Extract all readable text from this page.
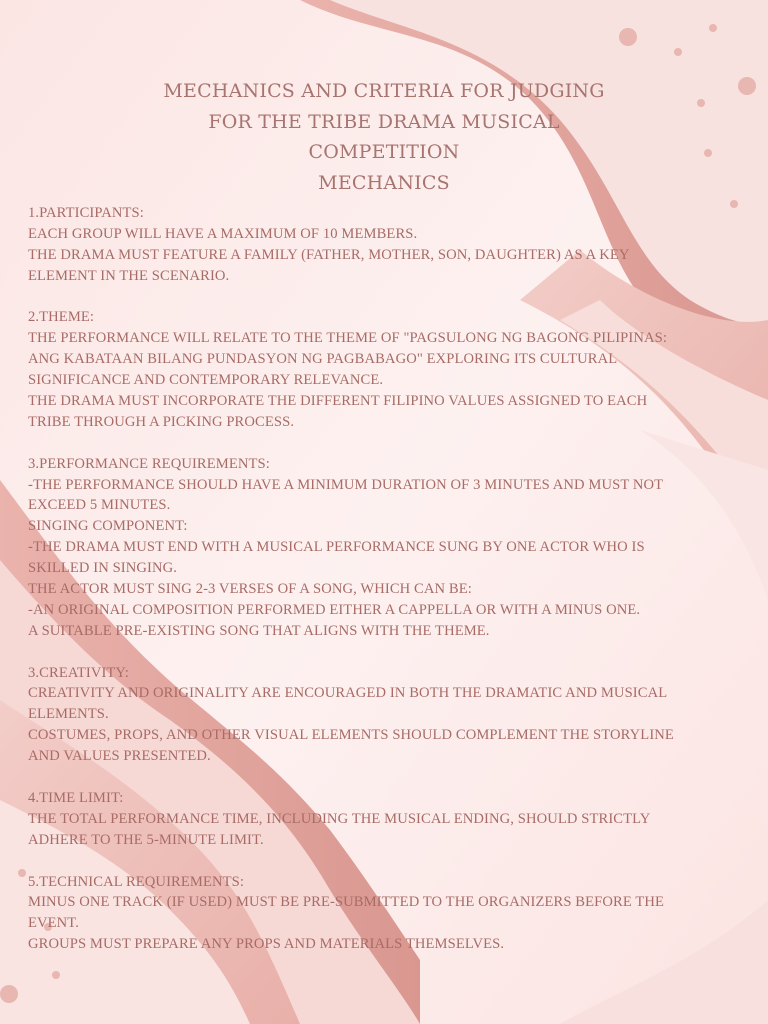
MECHANICS AND CRITERIA FOR JUDGING
FOR THE TRIBE DRAMA MUSICAL
COMPETITION
MECHANICS
1.PARTICIPANTS:
EACH GROUP WILL HAVE A MAXIMUM OF 10 MEMBERS.
THE DRAMA MUST FEATURE A FAMILY (FATHER, MOTHER, SON, DAUGHTER) AS A KEY
ELEMENT IN THE SCENARIO.
2.THEME:
THE PERFORMANCE WILL RELATE TO THE THEME OF "PAGSULONG NG BAGONG PILIPINAS:
ANG KABATAAN BILANG PUNDASYON NG PAGBABAGO" EXPLORING ITS CULTURAL
SIGNIFICANCE AND CONTEMPORARY RELEVANCE.
THE DRAMA MUST INCORPORATE THE DIFFERENT FILIPINO VALUES ASSIGNED TO EACH
TRIBE THROUGH A PICKING PROCESS.
3.PERFORMANCE REQUIREMENTS:
-THE PERFORMANCE SHOULD HAVE A MINIMUM DURATION OF 3 MINUTES AND MUST NOT
EXCEED 5 MINUTES.
SINGING COMPONENT:
-THE DRAMA MUST END WITH A MUSICAL PERFORMANCE SUNG BY ONE ACTOR WHO IS
SKILLED IN SINGING.
THE ACTOR MUST SING 2-3 VERSES OF A SONG, WHICH CAN BE:
-AN ORIGINAL COMPOSITION PERFORMED EITHER A CAPPELLA OR WITH A MINUS ONE.
A SUITABLE PRE-EXISTING SONG THAT ALIGNS WITH THE THEME.
3.CREATIVITY:
CREATIVITY AND ORIGINALITY ARE ENCOURAGED IN BOTH THE DRAMATIC AND MUSICAL
ELEMENTS.
COSTUMES, PROPS, AND OTHER VISUAL ELEMENTS SHOULD COMPLEMENT THE STORYLINE
AND VALUES PRESENTED.
4.TIME LIMIT:
THE TOTAL PERFORMANCE TIME, INCLUDING THE MUSICAL ENDING, SHOULD STRICTLY
ADHERE TO THE 5-MINUTE LIMIT.
5.TECHNICAL REQUIREMENTS:
MINUS ONE TRACK (IF USED) MUST BE PRE-SUBMITTED TO THE ORGANIZERS BEFORE THE
EVENT.
GROUPS MUST PREPARE ANY PROPS AND MATERIALS THEMSELVES.
